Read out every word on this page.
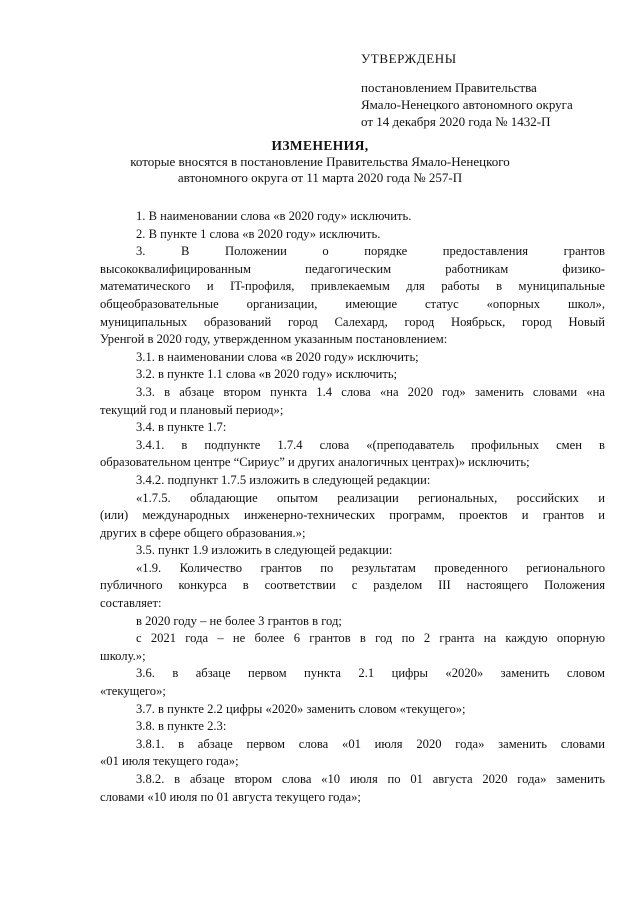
УТВЕРЖДЕНЫ
постановлением Правительства
Ямало-Ненецкого автономного округа
от 14 декабря 2020 года № 1432-П
ИЗМЕНЕНИЯ,
которые вносятся в постановление Правительства Ямало-Ненецкого
автономного округа от 11 марта 2020 года № 257-П
1. В наименовании слова «в 2020 году» исключить.
2. В пункте 1 слова «в 2020 году» исключить.
3. В Положении о порядке предоставления грантов
высококвалифицированным педагогическим работникам физико-
математического и IT-профиля, привлекаемым для работы в муниципальные
общеобразовательные организации, имеющие статус «опорных школ»,
муниципальных образований город Салехард, город Ноябрьск, город Новый
Уренгой в 2020 году, утвержденном указанным постановлением:
3.1. в наименовании слова «в 2020 году» исключить;
3.2. в пункте 1.1 слова «в 2020 году» исключить;
3.3. в абзаце втором пункта 1.4 слова «на 2020 год» заменить словами «на
текущий год и плановый период»;
3.4. в пункте 1.7:
3.4.1. в подпункте 1.7.4 слова «(преподаватель профильных смен в
образовательном центре “Сириус” и других аналогичных центрах)» исключить;
3.4.2. подпункт 1.7.5 изложить в следующей редакции:
«1.7.5. обладающие опытом реализации региональных, российских и
(или) международных инженерно-технических программ, проектов и грантов и
других в сфере общего образования.»;
3.5. пункт 1.9 изложить в следующей редакции:
«1.9. Количество грантов по результатам проведенного регионального
публичного конкурса в соответствии с разделом III настоящего Положения
составляет:
в 2020 году – не более 3 грантов в год;
с 2021 года – не более 6 грантов в год по 2 гранта на каждую опорную
школу.»;
3.6. в абзаце первом пункта 2.1 цифры «2020» заменить словом
«текущего»;
3.7. в пункте 2.2 цифры «2020» заменить словом «текущего»;
3.8. в пункте 2.3:
3.8.1. в абзаце первом слова «01 июля 2020 года» заменить словами
«01 июля текущего года»;
3.8.2. в абзаце втором слова «10 июля по 01 августа 2020 года» заменить
словами «10 июля по 01 августа текущего года»;
